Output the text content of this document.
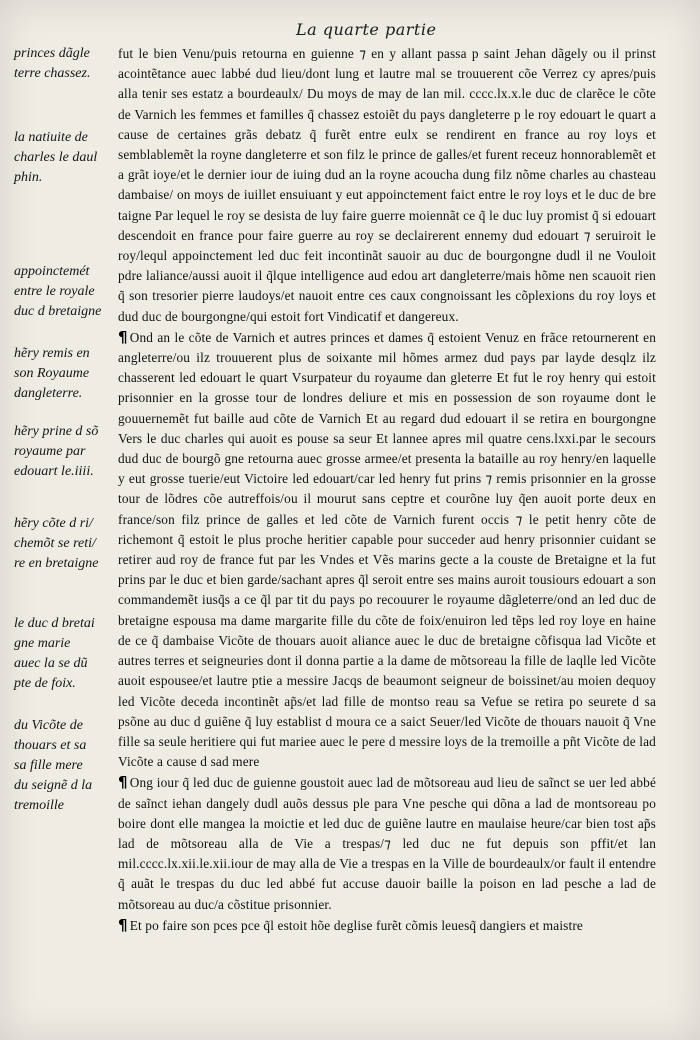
La quarte partie
princes dãgle
terre chassez.
la natiuite de
charles le daul
phin.
appoinctemét
entre le royale
duc d bretaigne
hẽry remis en
son Royaume
dangleterre.
hẽry prine d sõ
royaume par
edouart le.iiii.
hẽry cõte d ri/
chemõt se reti/
re en bretaigne
le duc d bretai
gne marie
auec la se dũ
pte de foix.
du Vicõte de
thouars et sa
sa fille mere
du seignẽ d la
tremoille

fut le bien Venu/puis retourna en guienne ⁊ en y allant passa p saint Jehan dãgely ou il prinst acointẽtance auec labbé dud lieu/dont lung et lautre mal se trouuerent cõe Verrez cy apres/puis alla tenir ses estatz a bourdeaulx/ Du moys de may de lan mil. cccc.lx.x.le duc de clarẽce le cõte de Varnich les femmes et familles q̃ chassez estoiẽt du pays dangleterre p le roy edouart le quart a cause de certaines grãs debatz q̃ furẽt entre eulx se rendirent en france au roy loys et semblablemẽt la royne dangleterre et son filz le prince de galles/et furent receuz honnorablemẽt et a grãt ioye/et le dernier iour de iuing dud an la royne acoucha dung filz nõme charles au chasteau dambaise/ on moys de iuillet ensuiuant y eut appoinctement faict entre le roy loys et le duc de bre taigne Par lequel le roy se desista de luy faire guerre moiennãt ce q̃ le duc luy promist q̃ si edouart descendoit en france pour faire guerre au roy se declairerent ennemy dud edouart ⁊ seruiroit le roy/lequl appoinctement led duc feit incontinãt sauoir au duc de bourgongne dudl il ne Vouloit pdre laliance/aussi auoit il q̃lque intelligence aud edou art dangleterre/mais hõme nen scauoit rien q̃ son tresorier pierre laudoys/et nauoit entre ces caux congnoissant les cõplexions du roy loys et dud duc de bourgongne/qui estoit fort Vindicatif et dangereux.

¶ Ond an le cõte de Varnich et autres princes et dames q̃ estoient Venuz en frãce retournerent en angleterre/ou ilz trouuerent plus de soixante mil hõmes armez dud pays par layde desqlz ilz chasserent led edouart le quart Vsurpateur du royaume dan gleterre Et fut le roy henry qui estoit prisonnier en la grosse tour de londres deliure et mis en possession de son royaume dont le gouuernemẽt fut baille aud cõte de Varnich Et au regard dud edouart il se retira en bourgongne Vers le duc charles qui auoit es pouse sa seur Et lannee apres mil quatre cens.lxxi.par le secours dud duc de bourgõ gne retourna auec grosse armee/et presenta la bataille au roy henry/en laquelle y eut grosse tuerie/eut Victoire led edouart/car led henry fut prins ⁊ remis prisonnier en la grosse tour de lõdres cõe autreffois/ou il mourut sans ceptre et courõne luy q̃en auoit porte deux en france/son filz prince de galles et led cõte de Varnich furent occis ⁊ le petit henry cõte de richemont q̃ estoit le plus proche heritier capable pour succeder aud henry prisonnier cuidant se retirer aud roy de france fut par les Vndes et Vẽs marins gecte a la couste de Bretaigne et la fut prins par le duc et bien garde/sachant apres q̃l seroit entre ses mains auroit tousiours edouart a son commandemẽt iusq̃s a ce q̃l par tit du pays po recouurer le royaume dãgleterre/ond an led duc de bretaigne espousa ma dame margarite fille du cõte de foix/enuiron led tẽps led roy loye en haine de ce q̃ dambaise Vicõte de thouars auoit aliance auec le duc de bretaigne cõfisqua lad Vicõte et autres terres et seigneuries dont il donna partie a la dame de mõtsoreau la fille de laqlle led Vicõte auoit espousee/et lautre ptie a messire Jacqs de beaumont seigneur de boissinet/au moien dequoy led Vicõte deceda incontinẽt ap̃s/et lad fille de montso reau sa Vefue se retira po seurete d sa psõne au duc d guiẽne q̃ luy establist d moura ce a saict Seuer/led Vicõte de thouars nauoit q̃ Vne fille sa seule heritiere qui fut mariee auec le pere d messire loys de la tremoille a pñt Vicõte de lad Vicõte a cause d sad mere

¶ Ong iour q̃ led duc de guienne goustoit auec lad de mõtsoreau aud lieu de saĩnct se uer led abbé de saĩnct iehan dangely dudl auõs dessus ple para Vne pesche qui dõna a lad de montsoreau po boire dont elle mangea la moictie et led duc de guiẽne lautre en maulaise heure/car bien tost ap̃s lad de mõtsoreau alla de Vie a trespas/⁊ led duc ne fut depuis son pffit/et lan mil.cccc.lx.xii.le.xii.iour de may alla de Vie a trespas en la Ville de bourdeaulx/or fault il entendre q̃ auãt le trespas du duc led abbé fut accuse dauoir baille la poison en lad pesche a lad de mõtsoreau au duc/a cõstitue prisonnier.

¶ Et po faire son pces pce q̃l estoit hõe deglise furẽt cõmis leuesq̃ dangiers et maistre
